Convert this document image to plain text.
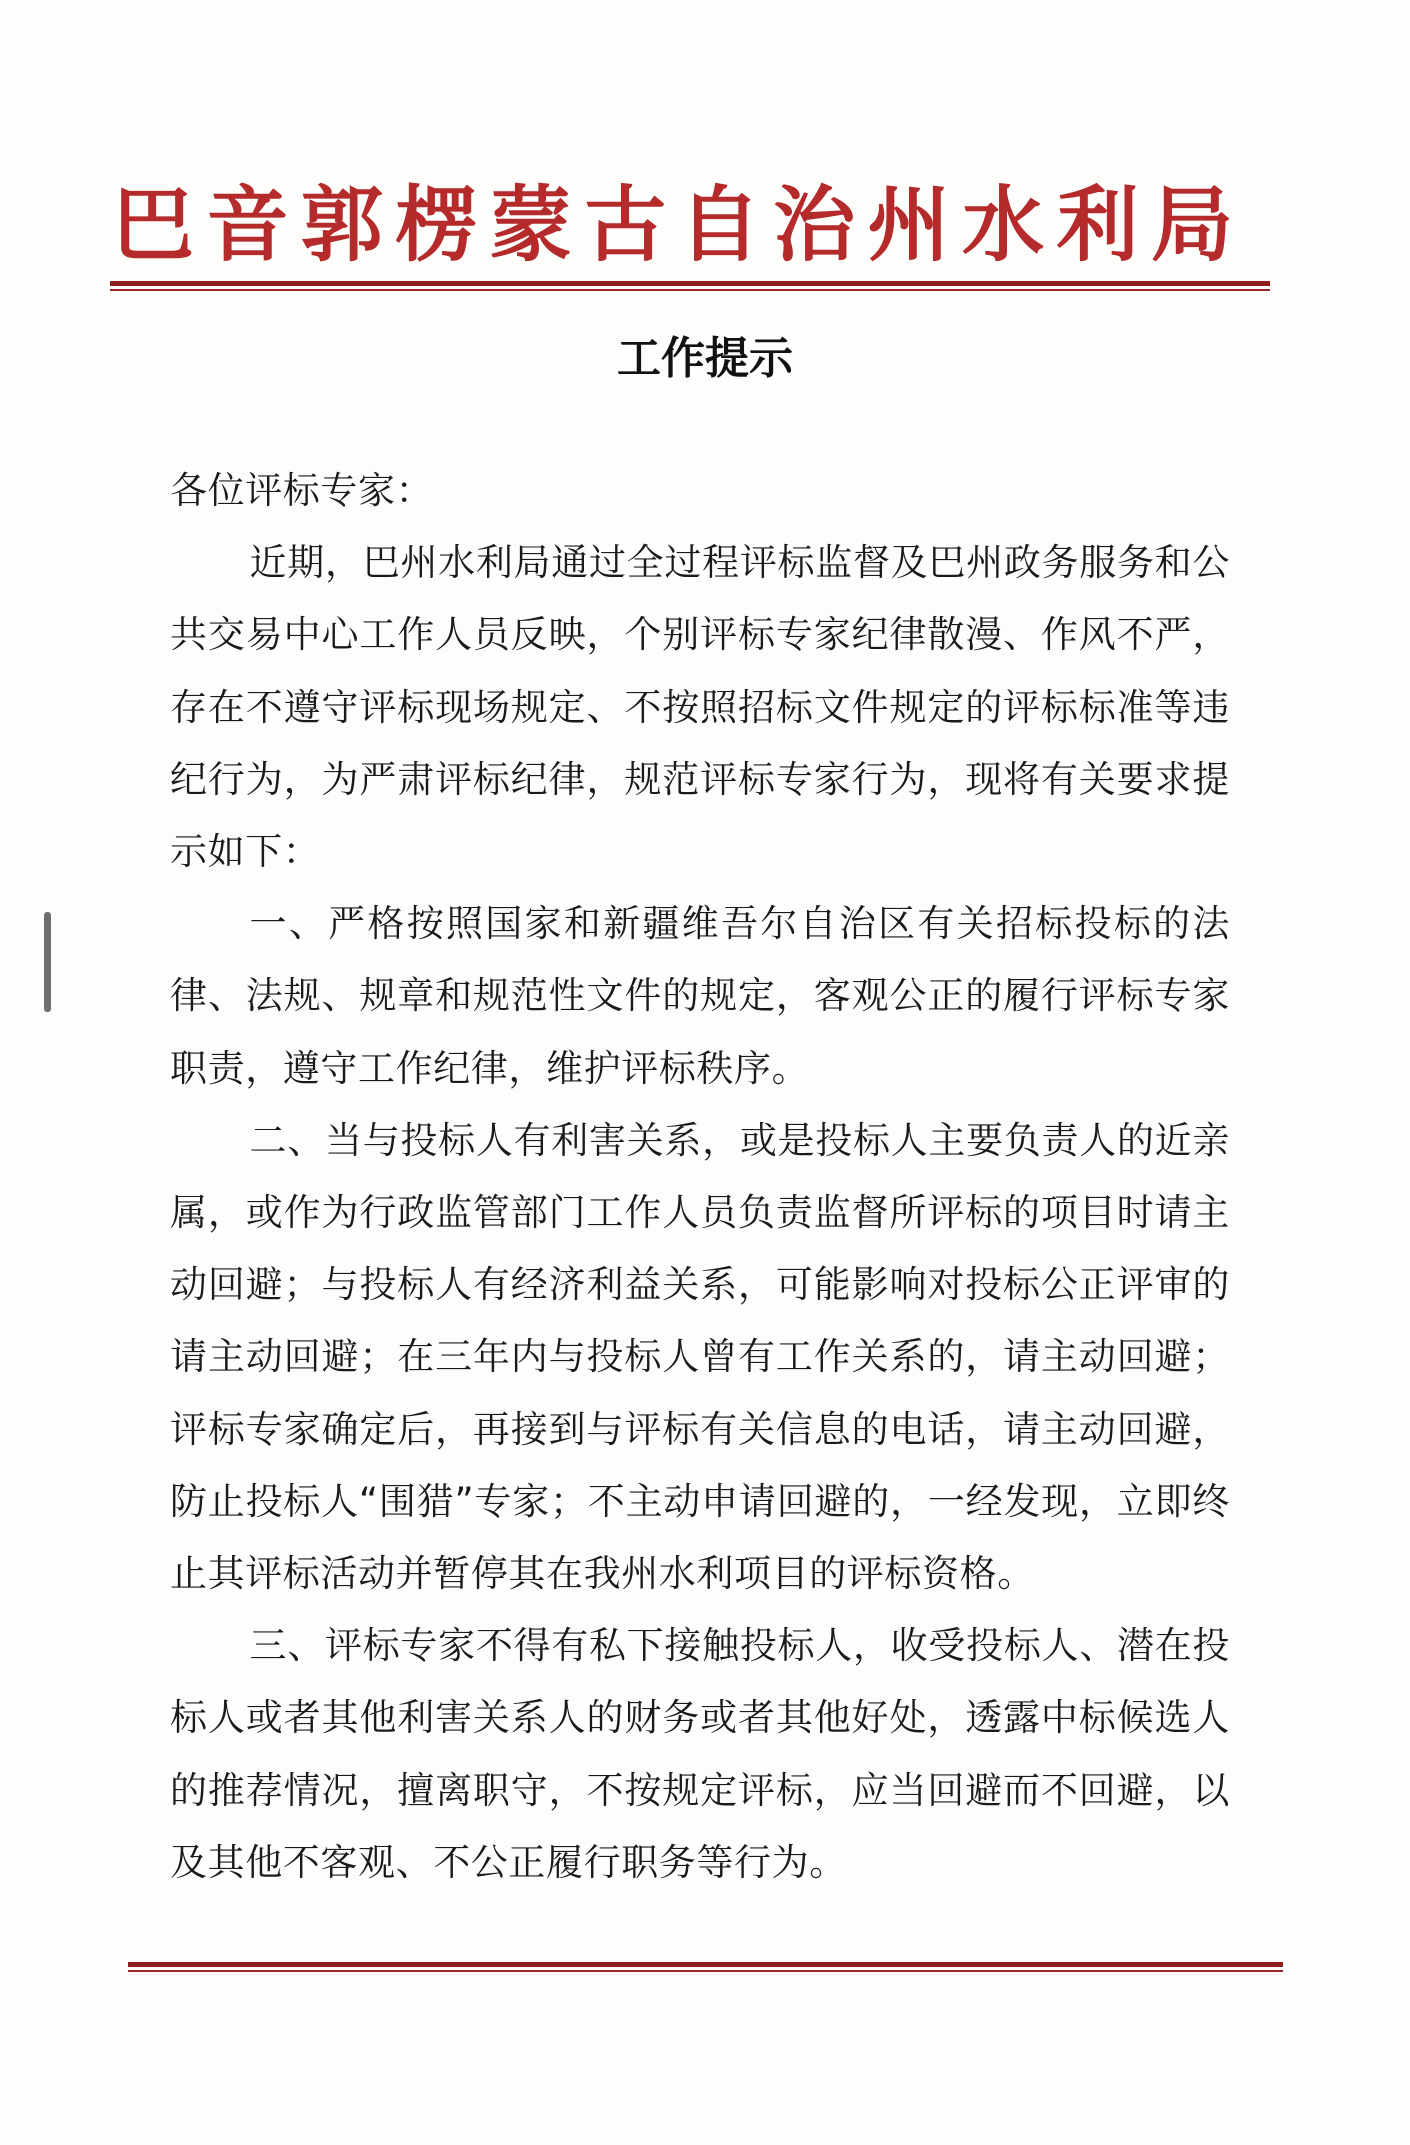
巴 音 郭 楞 蒙 古 自 治 州 水 利 局
工作提示

各位评标专家：

近期，巴州水利局通过全过程评标监督及巴州政务服务和公共交易中心工作人员反映，个别评标专家纪律散漫、作风不严，存在不遵守评标现场规定、不按照招标文件规定的评标标准等违纪行为，为严肃评标纪律，规范评标专家行为，现将有关要求提示如下：

一、严格按照国家和新疆维吾尔自治区有关招标投标的法律、法规、规章和规范性文件的规定，客观公正的履行评标专家职责，遵守工作纪律，维护评标秩序。

二、当与投标人有利害关系，或是投标人主要负责人的近亲属，或作为行政监管部门工作人员负责监督所评标的项目时请主动回避；与投标人有经济利益关系，可能影响对投标公正评审的请主动回避；在三年内与投标人曾有工作关系的，请主动回避；评标专家确定后，再接到与评标有关信息的电话，请主动回避，防止投标人“围猎”专家；不主动申请回避的，一经发现，立即终止其评标活动并暂停其在我州水利项目的评标资格。

三、评标专家不得有私下接触投标人，收受投标人、潜在投标人或者其他利害关系人的财务或者其他好处，透露中标候选人的推荐情况，擅离职守，不按规定评标，应当回避而不回避，以及其他不客观、不公正履行职务等行为。
